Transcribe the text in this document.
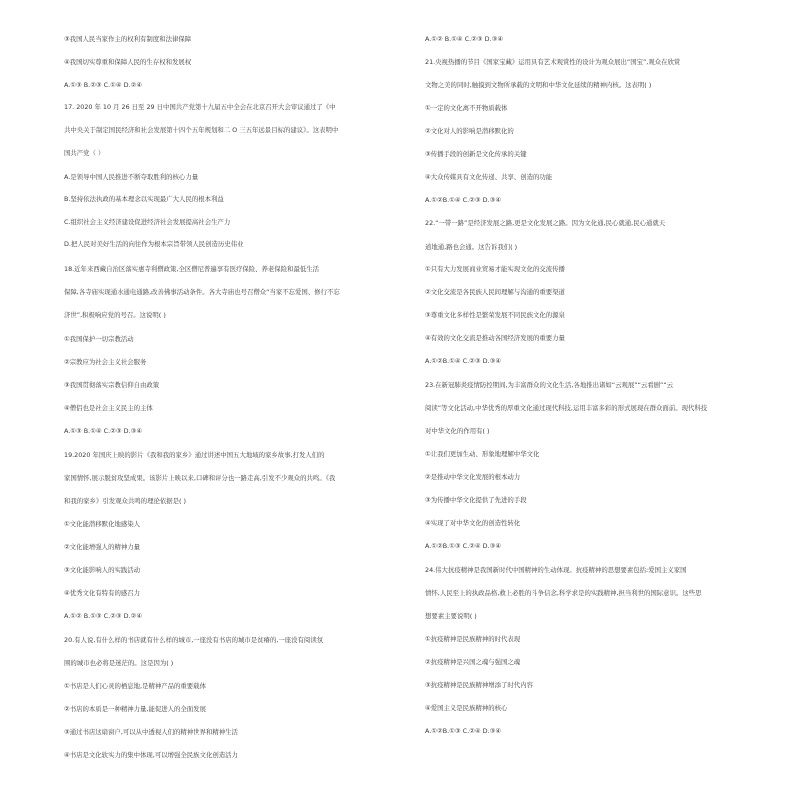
③我国人民当家作主的权利有制度和法律保障
④我国切实尊重和保障人民的生存权和发展权
A.①③ B.②③ C.①④ D.②④
17. 2020 年 10 月 26 日至 29 日中国共产党第十九届五中全会在北京召开大会审议通过了《中
共中央关于制定国民经济和社会发展第十四个五年规划和二 O 三五年远景目标的建议》。这表明中
国共产党（ ）
A.是领导中国人民推进不断夺取胜利的核心力量
B.坚持依法执政的基本理念以实现最广大人民的根本利益
C.组织社会主义经济建设促进经济社会发展提高社会生产力
D.把人民对美好生活的向往作为根本宗旨带领人民创造历史伟业
18.近年来西藏自治区落实惠寺利僧政策,全区僧尼普遍享有医疗保险、养老保险和最低生活
保障,各寺庙实现通水通电通路,改善佛事活动条件。各大寺庙也号召僧众“当家不忘爱国、修行不忘
济世”,积极响应党的号召。这说明( )
①我国保护一切宗教活动
②宗教应为社会主义社会服务
③我国贯彻落实宗教信仰自由政策
④僧侣也是社会主义民主的主体
A.①③ B.①④ C.②③ D.③④
19.2020 年国庆上映的影片《我和我的家乡》通过讲述中国五大地域的家乡故事,打发人们的
家国情怀,展示脱贫攻坚成果。该影片上映以来,口碑和评分也一路走高,引发不少观众的共鸣。《我
和我的家乡》引发观众共鸣的理论依据是( )
①文化能潜移默化地感染人
②文化能增强人的精神力量
③文化能影响人的实践活动
④优秀文化有特有的感召力
A.①② B.①③ C.②③ D.②④
20.有人说,有什么样的书店就有什么样的城市,一座没有书店的城市是贫瘠的,一座没有阅读氛
围的城市也必将是迷茫的。这是因为( )
①书店是人们心灵的栖息地,是精神产品的重要载体
②书店的本质是一种精神力量,能促进人的全面发展
③通过书店这扇窗户,可以从中透视人们的精神世界和精神生活
④书店是文化软实力的集中体现,可以增强全民族文化创造活力
A.①② B.①④ C.②③ D.③④
21.央视热播的节目《国家宝藏》运用具有艺术观赏性的设计为观众展出“国宝”,观众在欣赏
文物之美的同时,触摸到文物所承载的文明和中华文化延续的精神内核。这表明( )
①一定的文化离不开物质载体
②文化对人的影响是潜移默化的
③传播手段的创新是文化传承的关键
④大众传媒具有文化传递、共享、创造的功能
A.①②B.①④ C.②③ D.③④
22.“一带一路”是经济发展之路,更是文化发展之路。因为文化通,民心就通,民心通就天
道地通,路也会通。这告诉我们( )
①只有大力发展商业贸易才能实现文化的交流传播
②文化交流是各民族人民间理解与沟通的重要渠道
③尊重文化多样性是繁荣发展不同民族文化的源泉
④有效的文化交流是推动各国经济发展的重要力量
A.①②B.①④ C.②③ D.③④
23.在新冠肺炎疫情防控期间,为丰富群众的文化生活,各地推出诸如“云观展”“云看剧”“云
阅读”等文化活动,中华优秀的厚重文化通过现代科技,运用丰富多彩的形式展现在群众面前。现代科技
对中华文化的作用有( )
①让我们更加生动、形象地理解中华文化
②是推动中华文化发展的根本动力
③为传播中华文化提供了先进的手段
④实现了对中华文化的创造性转化
A.①②B.①③ C.②④ D.③④
24.伟大抗疫精神是我国新时代中国精神的生动体现。抗疫精神的思想要素包括:爱国主义家国
情怀,人民至上的执政品格,救上必胜的斗争信念,科学求是的实践精神,担当利世的国际意识。这些思
想要素主要说明( )
①抗疫精神是民族精神的时代表现
②抗疫精神是兴国之魂与强国之魂
③抗疫精神是民族精神增添了时代内容
④爱国主义是民族精神的核心
A.①②B.①③ C.②④ D.③④
